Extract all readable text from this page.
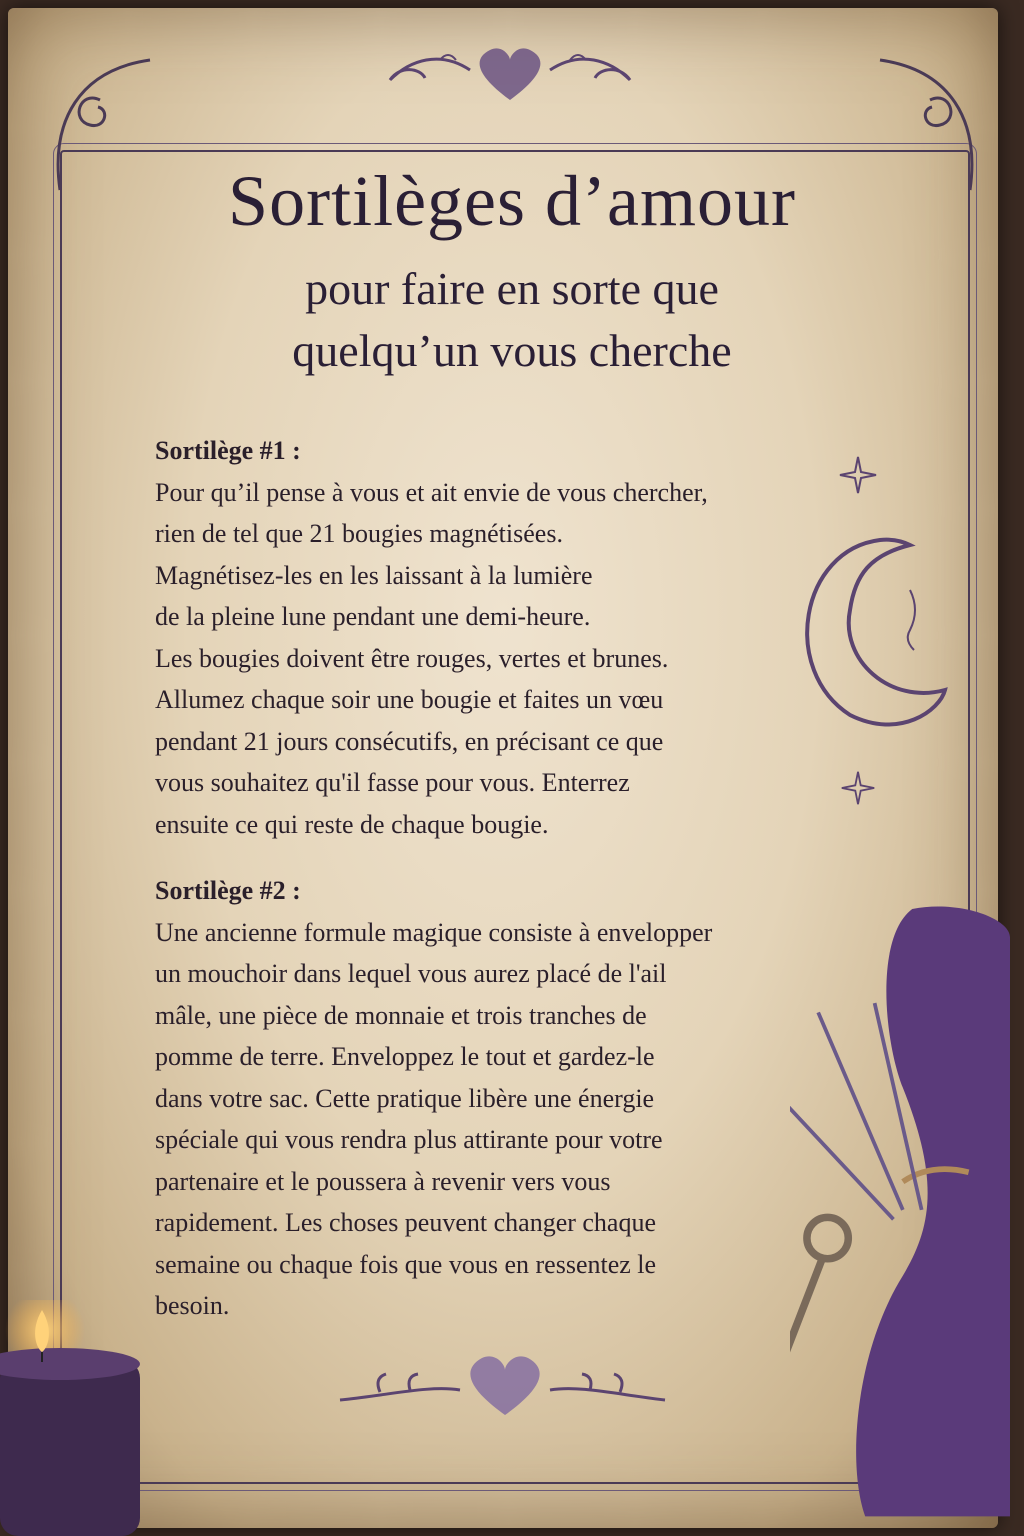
Sortilèges d’amour
pour faire en sorte que
quelqu’un vous cherche
Sortilège #1 :

Pour qu’il pense à vous et ait envie de vous chercher,

rien de tel que 21 bougies magnétisées.

Magnétisez-les en les laissant à la lumière

de la pleine lune pendant une demi-heure.

Les bougies doivent être rouges, vertes et brunes.

Allumez chaque soir une bougie et faites un vœu

pendant 21 jours consécutifs, en précisant ce que

vous souhaitez qu'il fasse pour vous. Enterrez

ensuite ce qui reste de chaque bougie.

Sortilège #2 :

Une ancienne formule magique consiste à envelopper

un mouchoir dans lequel vous aurez placé de l'ail

mâle, une pièce de monnaie et trois tranches de

pomme de terre. Enveloppez le tout et gardez-le

dans votre sac. Cette pratique libère une énergie

spéciale qui vous rendra plus attirante pour votre

partenaire et le poussera à revenir vers vous

rapidement. Les choses peuvent changer chaque

semaine ou chaque fois que vous en ressentez le

besoin.
